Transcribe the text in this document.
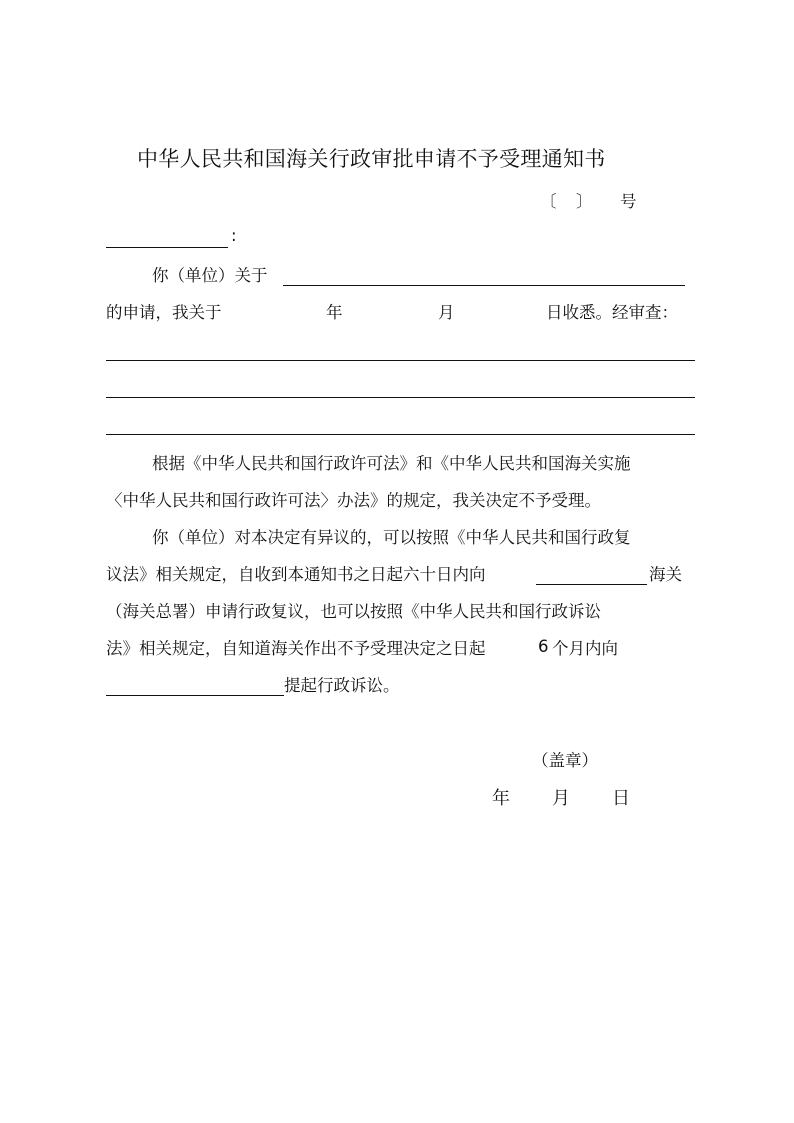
中华人民共和国海关行政审批申请不予受理通知书
〔 〕 号
:
你（单位）关于
的申请，我关于	年	月	日收悉。经审查：
根据《中华人民共和国行政许可法》和《中华人民共和国海关实施
〈中华人民共和国行政许可法〉办法》的规定，我关决定不予受理。
你（单位）对本决定有异议的，可以按照《中华人民共和国行政复
议法》相关规定，自收到本通知书之日起六十日内向	海关
（海关总署）申请行政复议，也可以按照《中华人民共和国行政诉讼
法》相关规定，自知道海关作出不予受理决定之日起	6 个月内向
提起行政诉讼。
（盖章）
年 月 日
